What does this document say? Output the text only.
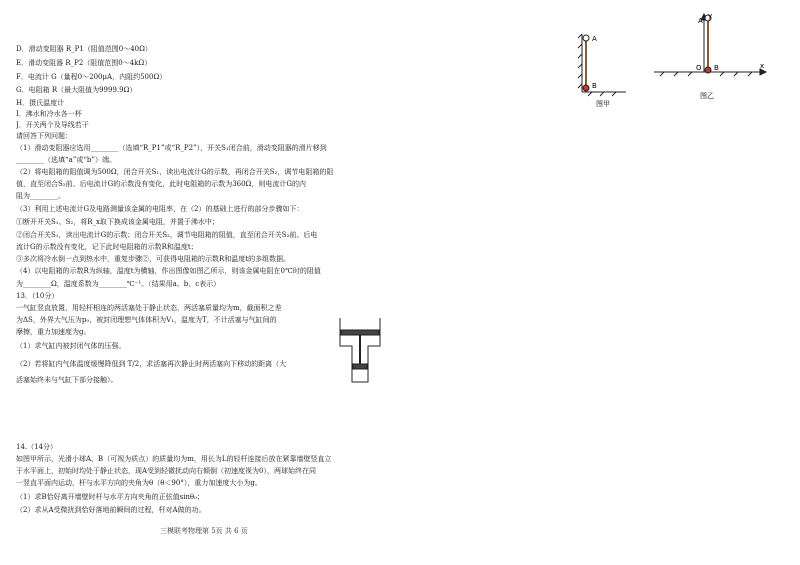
D．滑动变阻器 R_P1（阻值范围0～40Ω）
E．滑动变阻器 R_P2（阻值范围0～4kΩ）
F．电流计 G（量程0～200μA，内阻约500Ω）
G．电阻箱 R（最大阻值为9999.9Ω）
H．摄氏温度计
I．沸水和冷水各一杯
J．开关两个及导线若干
请回答下列问题：
（1）滑动变阻器应选用________（选填“R_P1”或“R_P2”），开关S₁闭合前，滑动变阻器的滑片移到
________（选填“a”或“b”）端。
（2）将电阻箱的阻值调为500Ω，闭合开关S₁，读出电流计G的示数，再闭合开关S₂，调节电阻箱的阻
值，直至闭合S₂前、后电流计G的示数没有变化，此时电阻箱的示数为360Ω，则电流计G的内
阻为________。
（3）利用上述电流计G及电路测量该金属的电阻率，在（2）的基础上进行的部分步骤如下：
①断开开关S₁、S₂，将R_x取下换成该金属电阻，并置于沸水中；
②闭合开关S₁，读出电流计G的示数；闭合开关S₂，调节电阻箱的阻值，直至闭合开关S₂前、后电
流计G的示数没有变化，记下此时电阻箱的示数R和温度t；
③多次将冷水倒一点到热水中，重复步骤②，可获得电阻箱的示数R和温度t的多组数据。
（4）以电阻箱的示数R为纵轴，温度t为横轴，作出图像如图乙所示，则该金属电阻在0℃时的阻值
为________Ω，温度系数为________℃⁻¹。（结果用a、b、c表示）
13．（10分）
一气缸竖直放置，用轻杆相连的两活塞处于静止状态，两活塞质量均为m，截面积之差
为ΔS，外界大气压为p₀，被封闭理想气体体积为V₁，温度为T，不计活塞与气缸间的
摩擦，重力加速度为g。
（1）求气缸内被封闭气体的压强。
（2）若将缸内气体温度缓慢降低到 T/2，求活塞再次静止时两活塞向下移动的距离（大
活塞始终未与气缸下部分接触）。
14.（14分）
如图甲所示，光滑小球A、B（可视为质点）的质量均为m，用长为L的轻杆连接后放在紧靠墙壁竖直立
于水平面上，初始时均处于静止状态，现A受到轻微扰动向右倾倒（初速度视为0），两球始终在同
一竖直平面内运动，杆与水平方向的夹角为θ（θ＜90°），重力加速度大小为g。
（1）求B恰好离开墙壁时杆与水平方向夹角的正弦值sinθ₀；
（2）求从A受微扰到恰好落地前瞬间的过程，杆对A做的功。
三模联考物理第 5页 共 6 页
A
B
图甲
A
B
O	x
y
图乙
